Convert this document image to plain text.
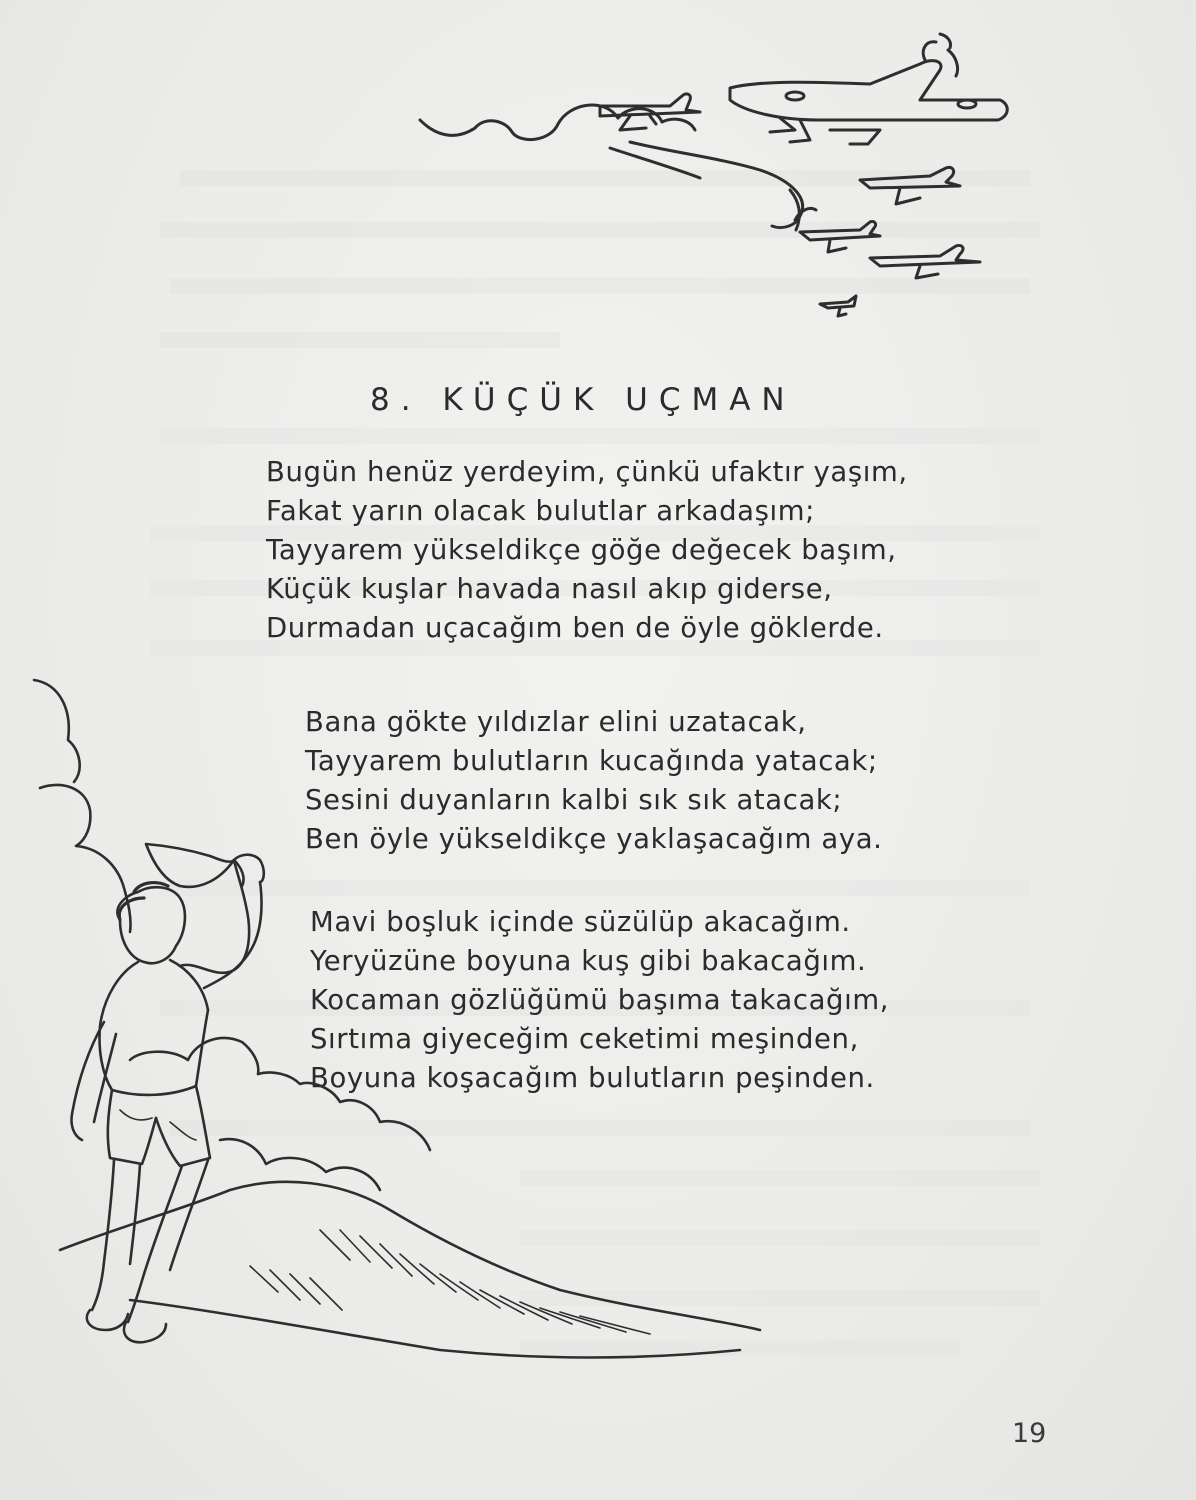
8. KÜÇÜK UÇMAN
Bugün henüz yerdeyim, çünkü ufaktır yaşım,
Fakat yarın olacak bulutlar arkadaşım;
Tayyarem yükseldikçe göğe değecek başım,
Küçük kuşlar havada nasıl akıp giderse,
Durmadan uçacağım ben de öyle göklerde.
Bana gökte yıldızlar elini uzatacak,
Tayyarem bulutların kucağında yatacak;
Sesini duyanların kalbi sık sık atacak;
Ben öyle yükseldikçe yaklaşacağım aya.
Mavi boşluk içinde süzülüp akacağım.
Yeryüzüne boyuna kuş gibi bakacağım.
Kocaman gözlüğümü başıma takacağım,
Sırtıma giyeceğim ceketimi meşinden,
Boyuna koşacağım bulutların peşinden.
19
